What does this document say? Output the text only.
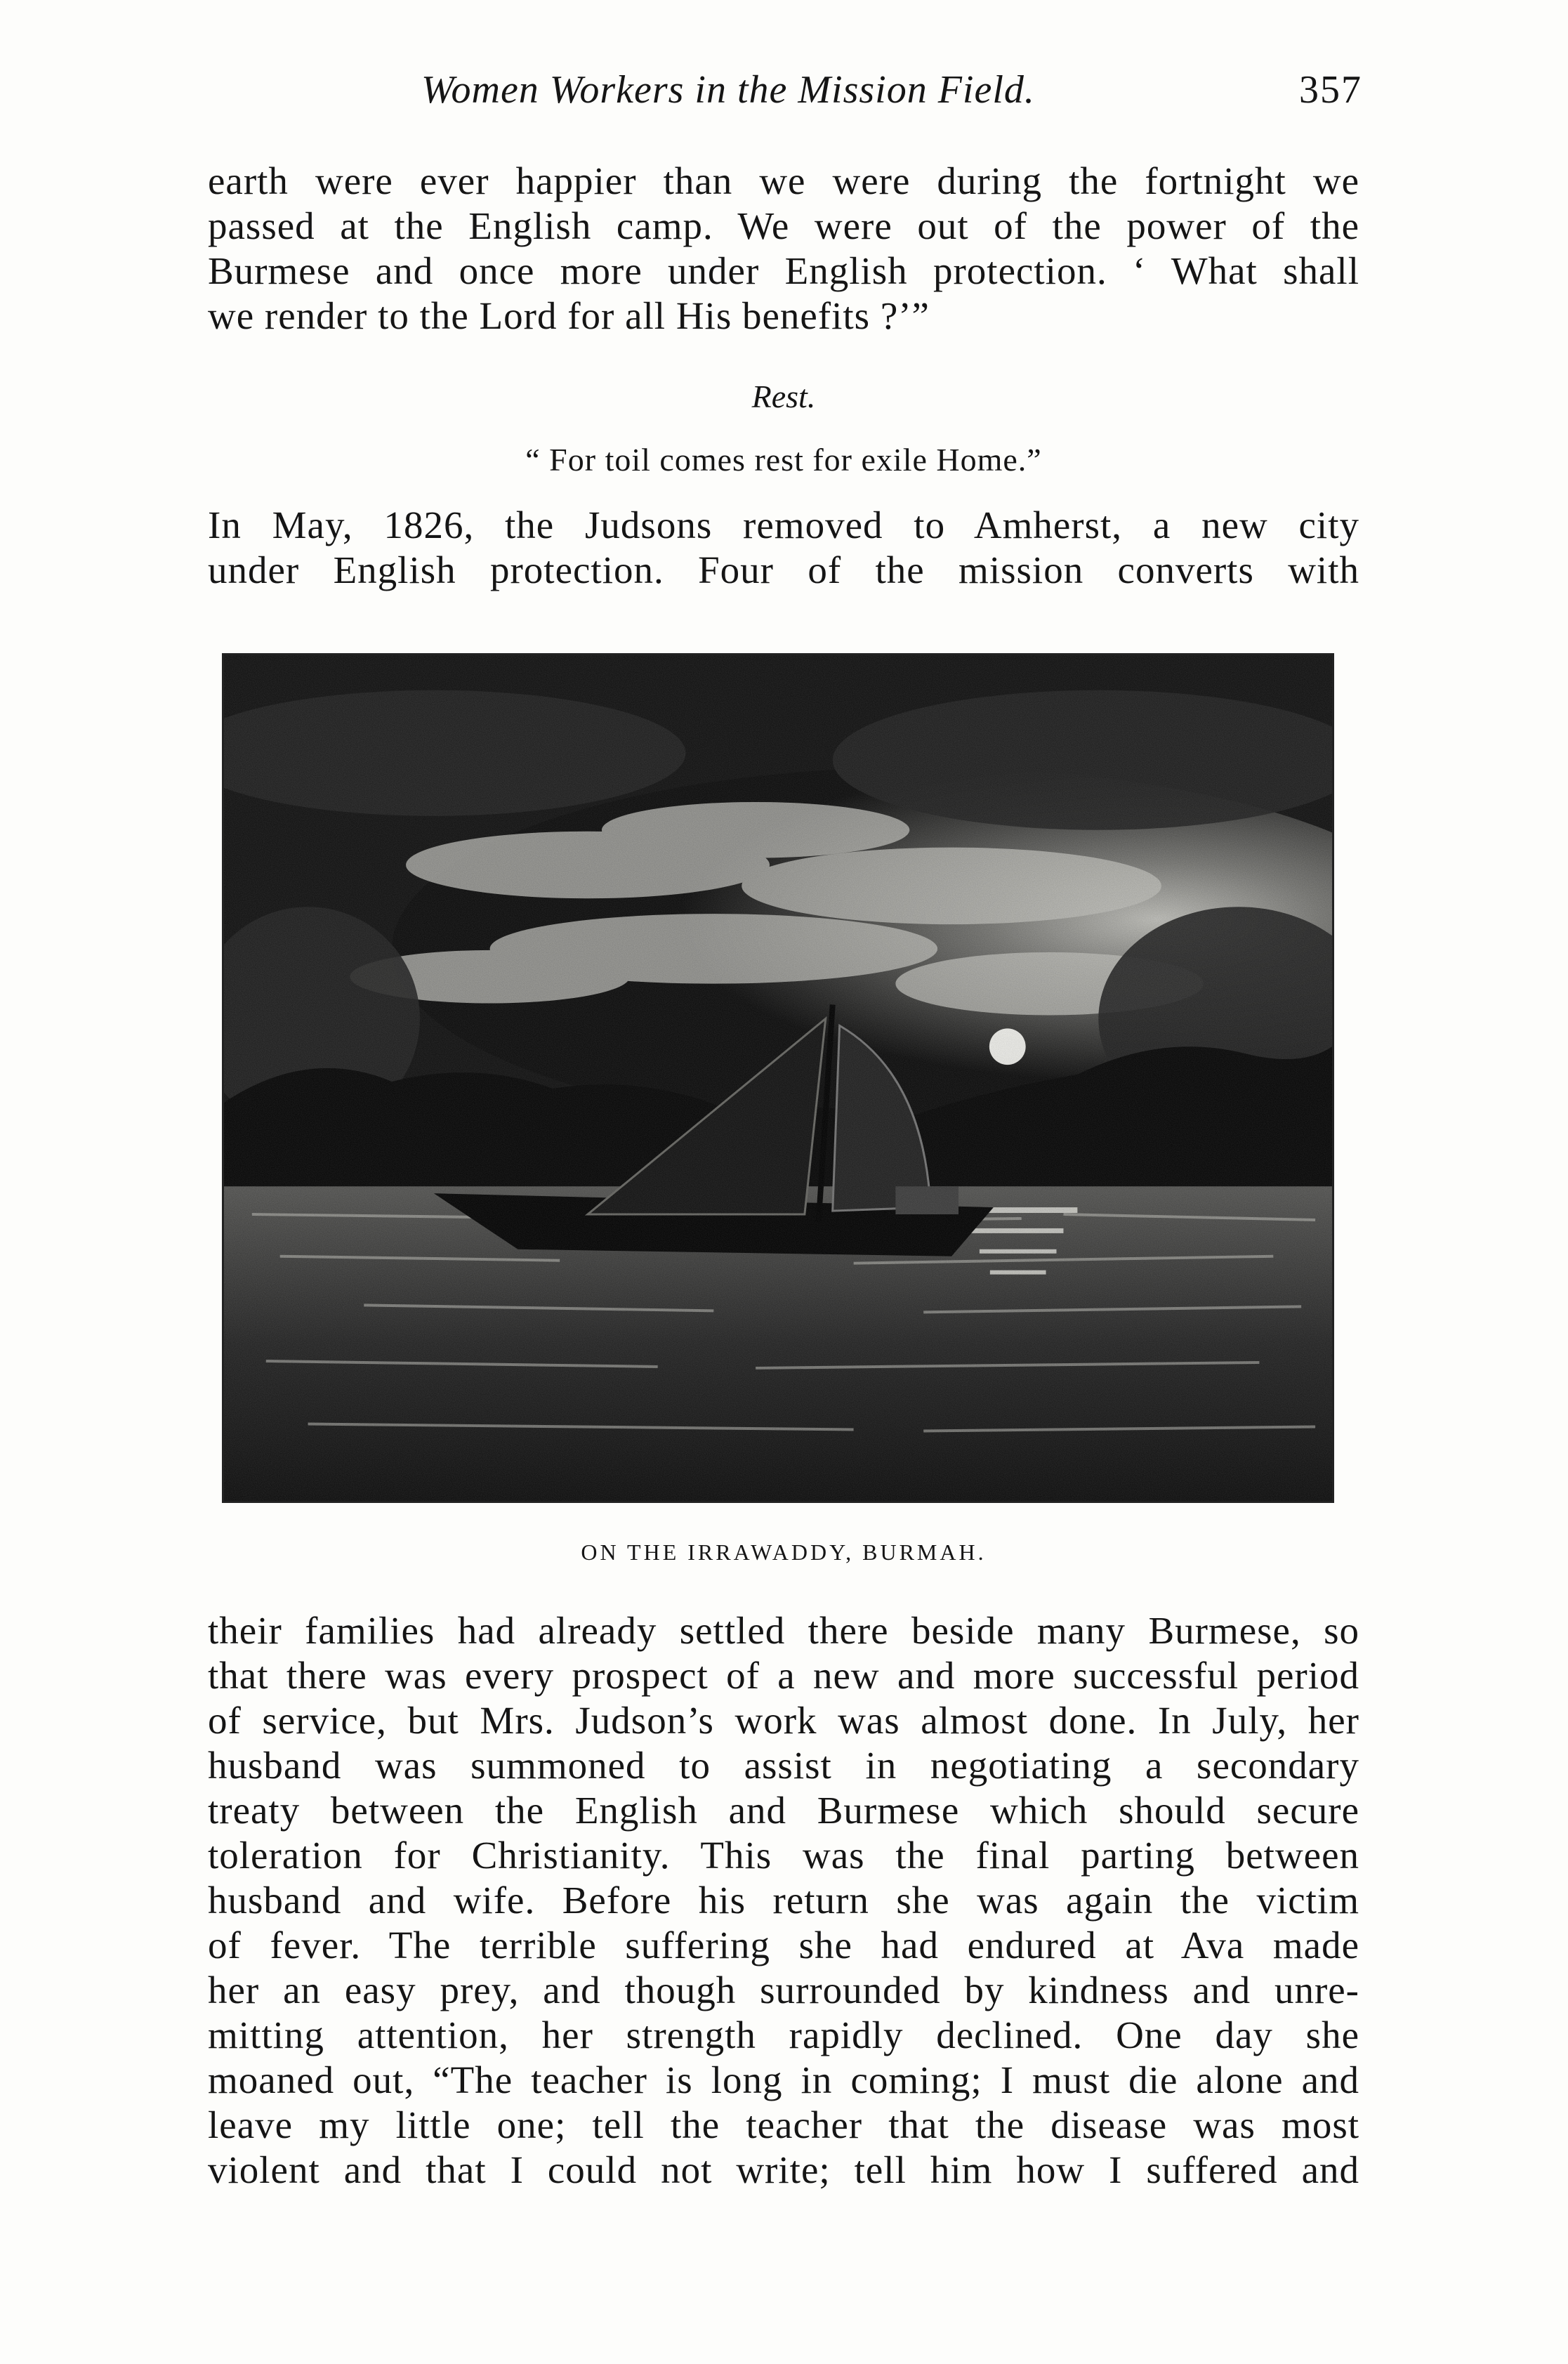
Women Workers in the Mission Field.	357
earth were ever happier than we were during the fortnight we
passed at the English camp. We were out of the power of the
Burmese and once more under English protection. ‘ What shall
we render to the Lord for all His benefits ?’”
Rest.
“ For toil comes rest for exile Home.”
In May, 1826, the Judsons removed to Amherst, a new city
under English protection. Four of the mission converts with
ON THE IRRAWADDY, BURMAH.
their families had already settled there beside many Burmese, so
that there was every prospect of a new and more successful period
of service, but Mrs. Judson’s work was almost done. In July, her
husband was summoned to assist in negotiating a secondary
treaty between the English and Burmese which should secure
toleration for Christianity. This was the final parting between
husband and wife. Before his return she was again the victim
of fever. The terrible suffering she had endured at Ava made
her an easy prey, and though surrounded by kindness and unre-
mitting attention, her strength rapidly declined. One day she
moaned out, “The teacher is long in coming; I must die alone and
leave my little one; tell the teacher that the disease was most
violent and that I could not write; tell him how I suffered and
